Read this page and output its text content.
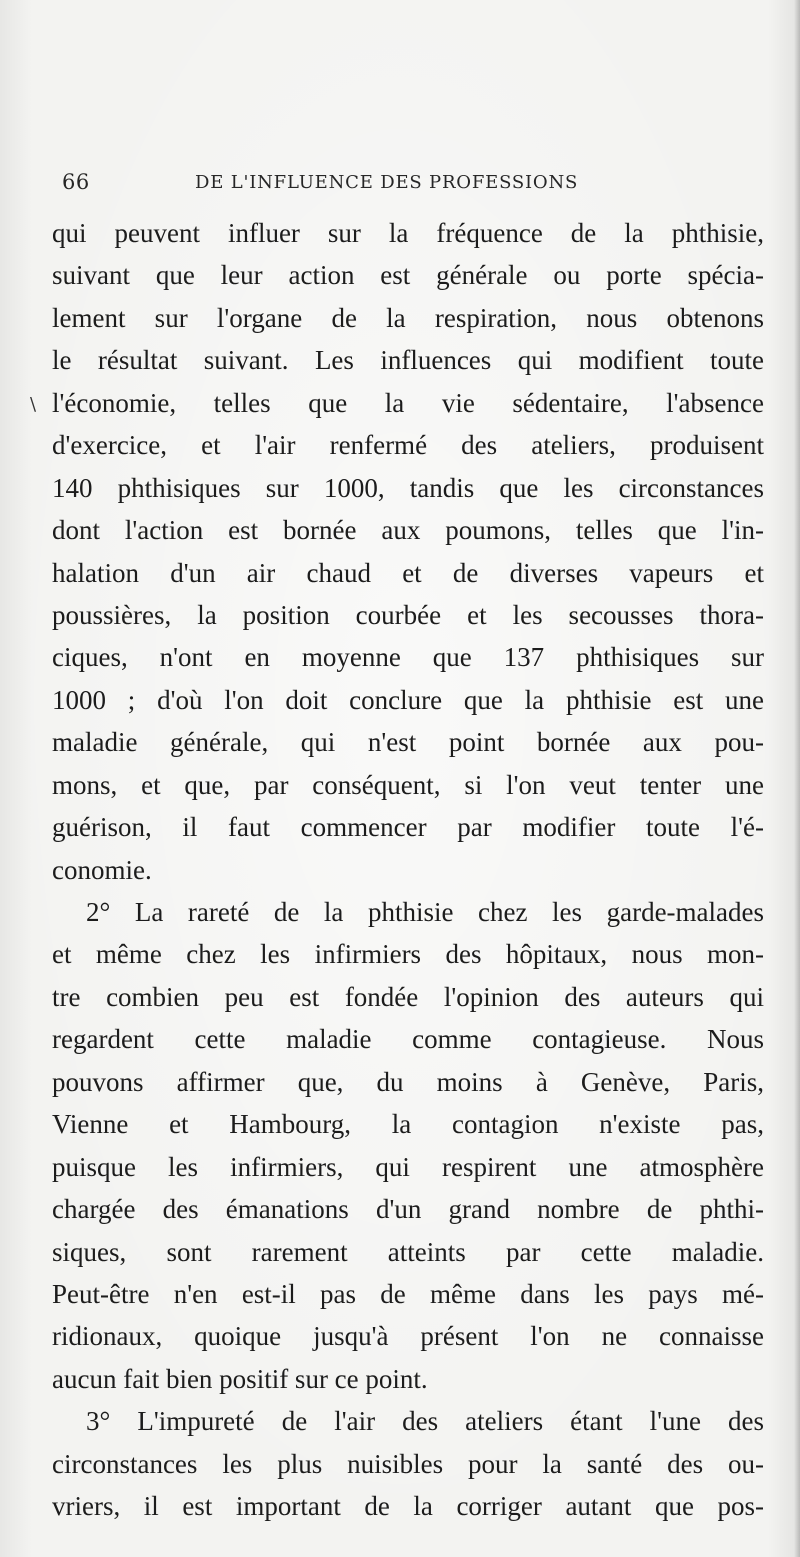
66	DE L'INFLUENCE DES PROFESSIONS
\
qui peuvent influer sur la fréquence de la phthisie,
suivant que leur action est générale ou porte spécia-
lement sur l'organe de la respiration, nous obtenons
le résultat suivant. Les influences qui modifient toute
l'économie, telles que la vie sédentaire, l'absence
d'exercice, et l'air renfermé des ateliers, produisent
140 phthisiques sur 1000, tandis que les circonstances
dont l'action est bornée aux poumons, telles que l'in-
halation d'un air chaud et de diverses vapeurs et
poussières, la position courbée et les secousses thora-
ciques, n'ont en moyenne que 137 phthisiques sur
1000 ; d'où l'on doit conclure que la phthisie est une
maladie générale, qui n'est point bornée aux pou-
mons, et que, par conséquent, si l'on veut tenter une
guérison, il faut commencer par modifier toute l'é-
conomie.
2° La rareté de la phthisie chez les garde-malades
et même chez les infirmiers des hôpitaux, nous mon-
tre combien peu est fondée l'opinion des auteurs qui
regardent cette maladie comme contagieuse. Nous
pouvons affirmer que, du moins à Genève, Paris,
Vienne et Hambourg, la contagion n'existe pas,
puisque les infirmiers, qui respirent une atmosphère
chargée des émanations d'un grand nombre de phthi-
siques, sont rarement atteints par cette maladie.
Peut-être n'en est-il pas de même dans les pays mé-
ridionaux, quoique jusqu'à présent l'on ne connaisse
aucun fait bien positif sur ce point.
3° L'impureté de l'air des ateliers étant l'une des
circonstances les plus nuisibles pour la santé des ou-
vriers, il est important de la corriger autant que pos-
